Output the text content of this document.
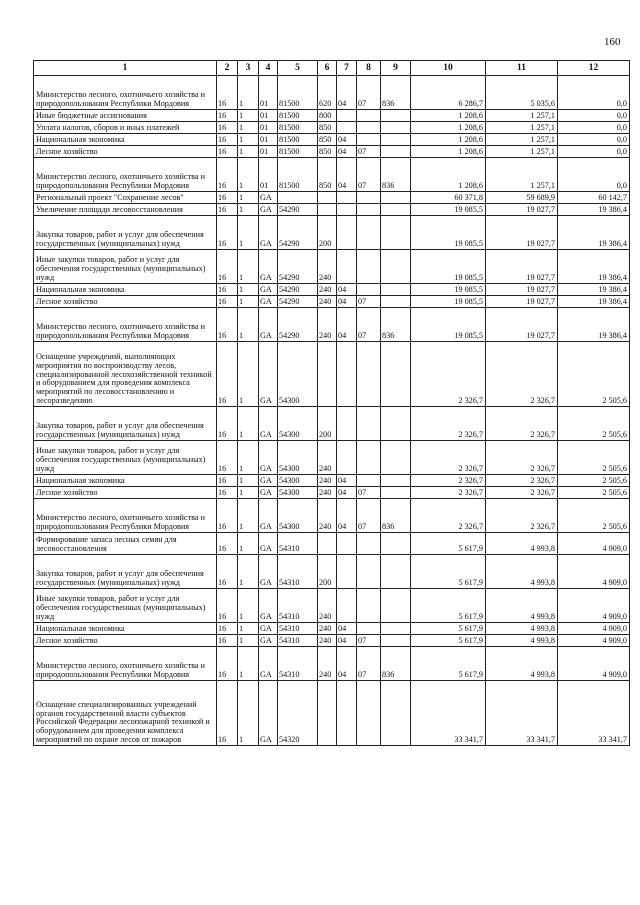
160
1	2	3	4	5	6	7	8	9	10	11	12
Министерство лесного, охотничьего хозяйства и природопользования Республики Мордовия	16	1	01	81500	620	04	07	836	6 286,7	5 035,6	0,0
Иные бюджетные ассигнования	16	1	01	81500	800				1 208,6	1 257,1	0,0
Уплата налогов, сборов и иных платежей	16	1	01	81500	850				1 208,6	1 257,1	0,0
Национальная экономика	16	1	01	81500	850	04			1 208,6	1 257,1	0,0
Лесное хозяйство	16	1	01	81500	850	04	07		1 208,6	1 257,1	0,0
Министерство лесного, охотничьего хозяйства и природопользования Республики Мордовия	16	1	01	81500	850	04	07	836	1 208,6	1 257,1	0,0
Региональный проект "Сохранение лесов"	16	1	GA						60 371,8	59 689,9	60 142,7
Увеличение площади лесовосстановления	16	1	GA	54290					19 085,5	19 027,7	19 386,4
Закупка товаров, работ и услуг для обеспечения государственных (муниципальных) нужд	16	1	GA	54290	200				19 085,5	19 027,7	19 386,4
Иные закупки товаров, работ и услуг для обеспечения государственных (муниципальных) нужд	16	1	GA	54290	240				19 085,5	19 027,7	19 386,4
Национальная экономика	16	1	GA	54290	240	04			19 085,5	19 027,7	19 386,4
Лесное хозяйство	16	1	GA	54290	240	04	07		19 085,5	19 027,7	19 386,4
Министерство лесного, охотничьего хозяйства и природопользования Республики Мордовия	16	1	GA	54290	240	04	07	836	19 085,5	19 027,7	19 386,4
Оснащение учреждений, выполняющих мероприятия по воспроизводству лесов, специализированной лесохозяйственной техникой и оборудованием для проведения комплекса мероприятий по лесовосстановлению и лесоразведению	16	1	GA	54300					2 326,7	2 326,7	2 505,6
Закупка товаров, работ и услуг для обеспечения государственных (муниципальных) нужд	16	1	GA	54300	200				2 326,7	2 326,7	2 505,6
Иные закупки товаров, работ и услуг для обеспечения государственных (муниципальных) нужд	16	1	GA	54300	240				2 326,7	2 326,7	2 505,6
Национальная экономика	16	1	GA	54300	240	04			2 326,7	2 326,7	2 505,6
Лесное хозяйство	16	1	GA	54300	240	04	07		2 326,7	2 326,7	2 505,6
Министерство лесного, охотничьего хозяйства и природопользования Республики Мордовия	16	1	GA	54300	240	04	07	836	2 326,7	2 326,7	2 505,6
Формирование запаса лесных семян для лесовосстановления	16	1	GA	54310					5 617,9	4 993,8	4 909,0
Закупка товаров, работ и услуг для обеспечения государственных (муниципальных) нужд	16	1	GA	54310	200				5 617,9	4 993,8	4 909,0
Иные закупки товаров, работ и услуг для обеспечения государственных (муниципальных) нужд	16	1	GA	54310	240				5 617,9	4 993,8	4 909,0
Национальная экономика	16	1	GA	54310	240	04			5 617,9	4 993,8	4 909,0
Лесное хозяйство	16	1	GA	54310	240	04	07		5 617,9	4 993,8	4 909,0
Министерство лесного, охотничьего хозяйства и природопользования Республики Мордовия	16	1	GA	54310	240	04	07	836	5 617,9	4 993,8	4 909,0
Оснащение специализированных учреждений органов государственной власти субъектов Российской Федерации лесопожарной техникой и оборудованием для проведения комплекса мероприятий по охране лесов от пожаров	16	1	GA	54320					33 341,7	33 341,7	33 341,7
